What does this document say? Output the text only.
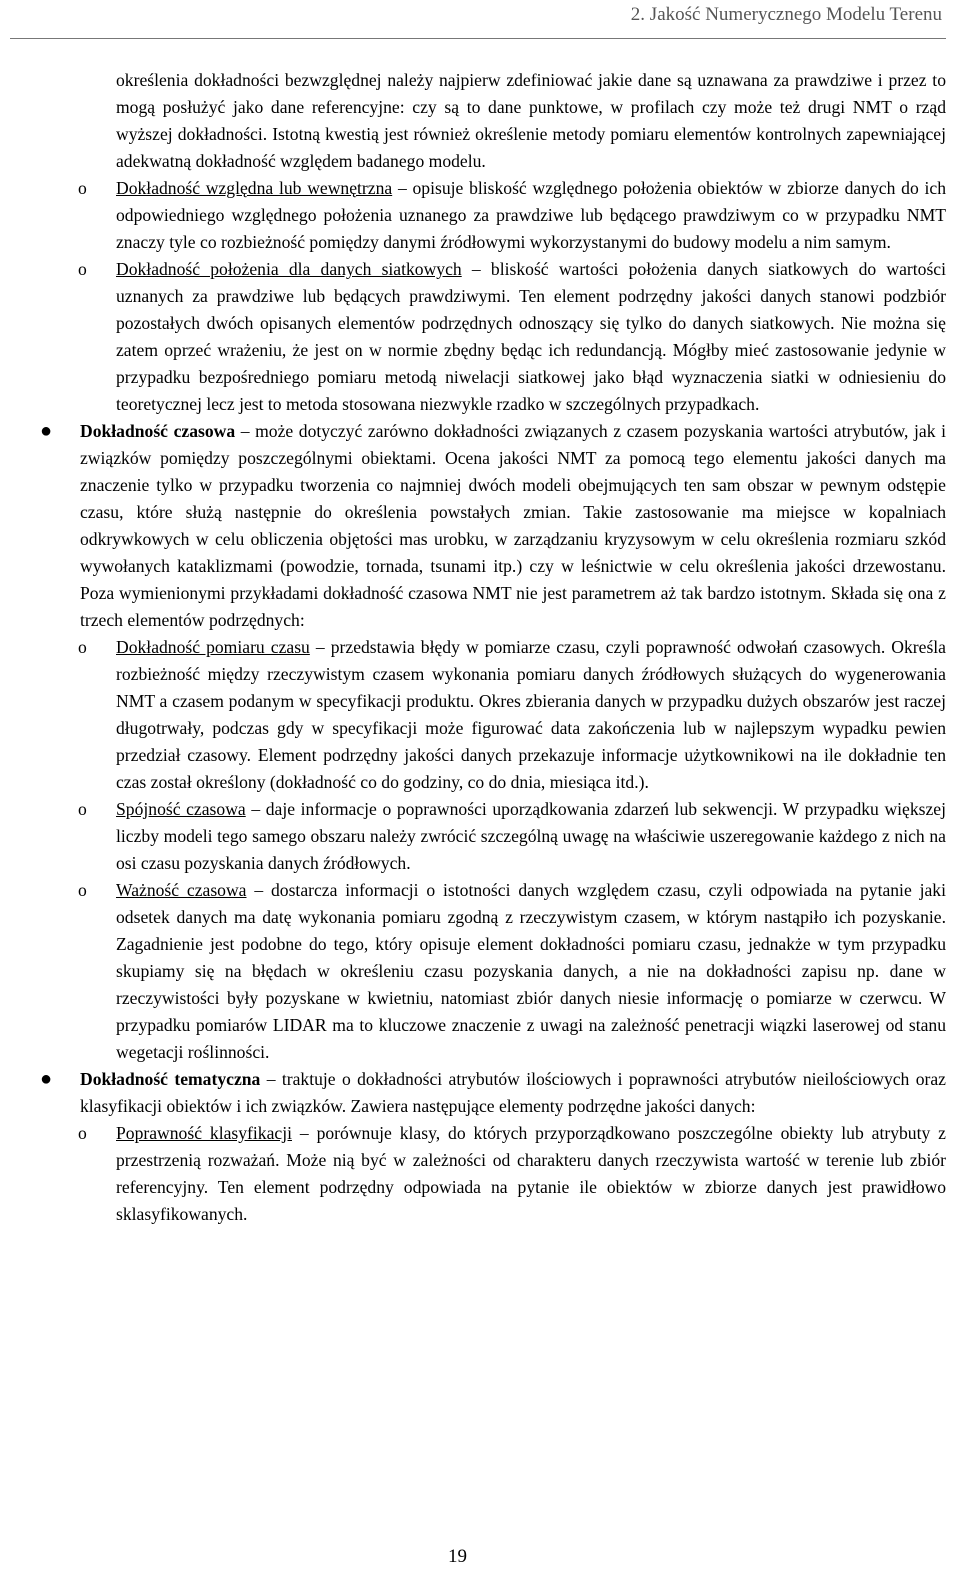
2. Jakość Numerycznego Modelu Terenu

określenia dokładności bezwzględnej należy najpierw zdefiniować jakie dane są uznawana za prawdziwe i przez to mogą posłużyć jako dane referencyjne: czy są to dane punktowe, w profilach czy może też drugi NMT o rząd wyższej dokładności. Istotną kwestią jest również określenie metody pomiaru elementów kontrolnych zapewniającej adekwatną dokładność względem badanego modelu.

o Dokładność względna lub wewnętrzna – opisuje bliskość względnego położenia obiektów w zbiorze danych do ich odpowiedniego względnego położenia uznanego za prawdziwe lub będącego prawdziwym co w przypadku NMT znaczy tyle co rozbieżność pomiędzy danymi źródłowymi wykorzystanymi do budowy modelu a nim samym.
o Dokładność położenia dla danych siatkowych – bliskość wartości położenia danych siatkowych do wartości uznanych za prawdziwe lub będących prawdziwymi. Ten element podrzędny jakości danych stanowi podzbiór pozostałych dwóch opisanych elementów podrzędnych odnoszący się tylko do danych siatkowych. Nie można się zatem oprzeć wrażeniu, że jest on w normie zbędny będąc ich redundancją. Mógłby mieć zastosowanie jedynie w przypadku bezpośredniego pomiaru metodą niwelacji siatkowej jako błąd wyznaczenia siatki w odniesieniu do teoretycznej lecz jest to metoda stosowana niezwykle rzadko w szczególnych przypadkach.
● Dokładność czasowa – może dotyczyć zarówno dokładności związanych z czasem pozyskania wartości atrybutów, jak i związków pomiędzy poszczególnymi obiektami. Ocena jakości NMT za pomocą tego elementu jakości danych ma znaczenie tylko w przypadku tworzenia co najmniej dwóch modeli obejmujących ten sam obszar w pewnym odstępie czasu, które służą następnie do określenia powstałych zmian. Takie zastosowanie ma miejsce w kopalniach odkrywkowych w celu obliczenia objętości mas urobku, w zarządzaniu kryzysowym w celu określenia rozmiaru szkód wywołanych kataklizmami (powodzie, tornada, tsunami itp.) czy w leśnictwie w celu określenia jakości drzewostanu. Poza wymienionymi przykładami dokładność czasowa NMT nie jest parametrem aż tak bardzo istotnym. Składa się ona z trzech elementów podrzędnych:
o Dokładność pomiaru czasu – przedstawia błędy w pomiarze czasu, czyli poprawność odwołań czasowych. Określa rozbieżność między rzeczywistym czasem wykonania pomiaru danych źródłowych służących do wygenerowania NMT a czasem podanym w specyfikacji produktu. Okres zbierania danych w przypadku dużych obszarów jest raczej długotrwały, podczas gdy w specyfikacji może figurować data zakończenia lub w najlepszym wypadku pewien przedział czasowy. Element podrzędny jakości danych przekazuje informacje użytkownikowi na ile dokładnie ten czas został określony (dokładność co do godziny, co do dnia, miesiąca itd.).
o Spójność czasowa – daje informacje o poprawności uporządkowania zdarzeń lub sekwencji. W przypadku większej liczby modeli tego samego obszaru należy zwrócić szczególną uwagę na właściwie uszeregowanie każdego z nich na osi czasu pozyskania danych źródłowych.
o Ważność czasowa – dostarcza informacji o istotności danych względem czasu, czyli odpowiada na pytanie jaki odsetek danych ma datę wykonania pomiaru zgodną z rzeczywistym czasem, w którym nastąpiło ich pozyskanie. Zagadnienie jest podobne do tego, który opisuje element dokładności pomiaru czasu, jednakże w tym przypadku skupiamy się na błędach w określeniu czasu pozyskania danych, a nie na dokładności zapisu np. dane w rzeczywistości były pozyskane w kwietniu, natomiast zbiór danych niesie informację o pomiarze w czerwcu. W przypadku pomiarów LIDAR ma to kluczowe znaczenie z uwagi na zależność penetracji wiązki laserowej od stanu wegetacji roślinności.
● Dokładność tematyczna – traktuje o dokładności atrybutów ilościowych i poprawności atrybutów nieilościowych oraz klasyfikacji obiektów i ich związków. Zawiera następujące elementy podrzędne jakości danych:
o Poprawność klasyfikacji – porównuje klasy, do których przyporządkowano poszczególne obiekty lub atrybuty z przestrzenią rozważań. Może nią być w zależności od charakteru danych rzeczywista wartość w terenie lub zbiór referencyjny. Ten element podrzędny odpowiada na pytanie ile obiektów w zbiorze danych jest prawidłowo sklasyfikowanych.
19
